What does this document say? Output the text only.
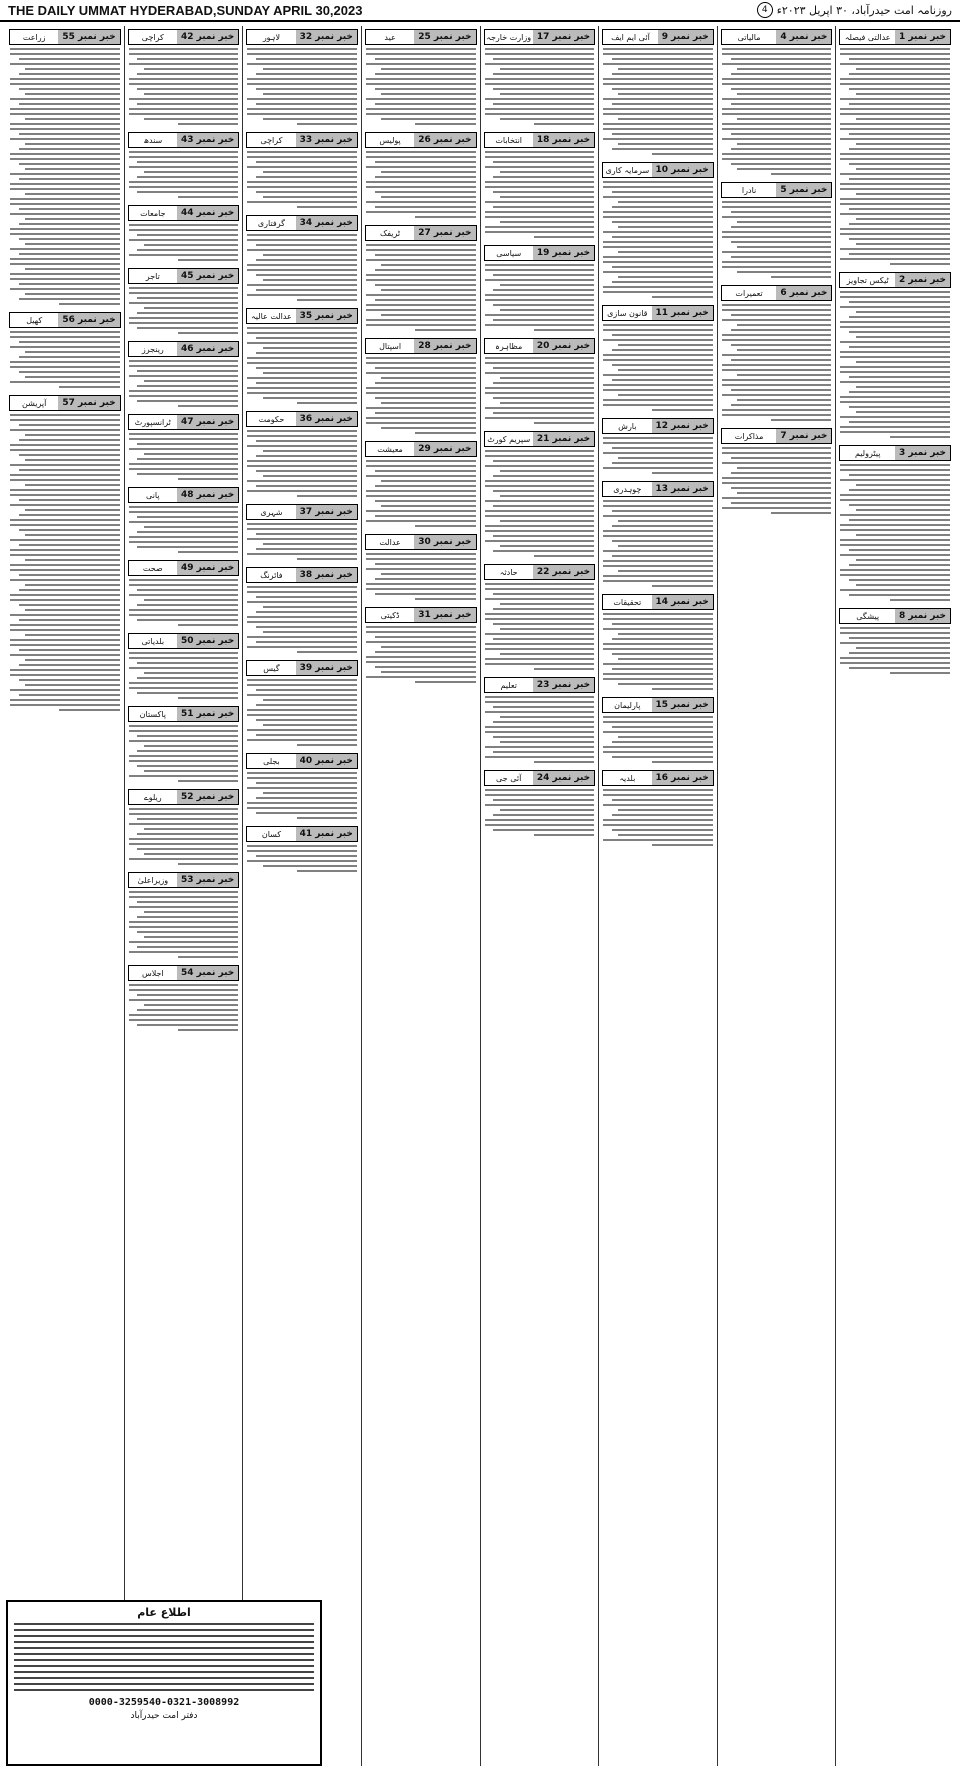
THE DAILY UMMAT HYDERABAD,SUNDAY APRIL 30,2023	روزنامہ امت حیدرآباد، ۳۰ اپریل ۲۰۲۳ء
4
خبر نمبر 1
عدالتی فیصلہ
خبر نمبر 2
ٹیکس تجاویز
خبر نمبر 3
پیٹرولیم
خبر نمبر 8
پیشگی
خبر نمبر 4
مالیاتی
خبر نمبر 5
نادرا
خبر نمبر 6
تعمیرات
خبر نمبر 7
مذاکرات
خبر نمبر 9
آئی ایم ایف
خبر نمبر 10
سرمایہ کاری
خبر نمبر 11
قانون سازی
خبر نمبر 12
بارش
خبر نمبر 13
چوہدری
خبر نمبر 14
تحقیقات
خبر نمبر 15
پارلیمان
خبر نمبر 16
بلدیہ
خبر نمبر 17
وزارت خارجہ
خبر نمبر 18
انتخابات
خبر نمبر 19
سیاسی
خبر نمبر 20
مظاہرہ
خبر نمبر 21
سپریم کورٹ
خبر نمبر 22
حادثہ
خبر نمبر 23
تعلیم
خبر نمبر 24
آئی جی
خبر نمبر 25
عید
خبر نمبر 26
پولیس
خبر نمبر 27
ٹریفک
خبر نمبر 28
اسپتال
خبر نمبر 29
معیشت
خبر نمبر 30
عدالت
خبر نمبر 31
ڈکیتی
خبر نمبر 32
لاہور
خبر نمبر 33
کراچی
خبر نمبر 34
گرفتاری
خبر نمبر 35
عدالت عالیہ
خبر نمبر 36
حکومت
خبر نمبر 37
شہری
خبر نمبر 38
فائرنگ
خبر نمبر 39
گیس
خبر نمبر 40
بجلی
خبر نمبر 41
کسان
خبر نمبر 42
کراچی
خبر نمبر 43
سندھ
خبر نمبر 44
جامعات
خبر نمبر 45
تاجر
خبر نمبر 46
رینجرز
خبر نمبر 47
ٹرانسپورٹ
خبر نمبر 48
پانی
خبر نمبر 49
صحت
خبر نمبر 50
بلدیاتی
خبر نمبر 51
پاکستان
خبر نمبر 52
ریلوے
خبر نمبر 53
وزیراعلیٰ
خبر نمبر 54
اجلاس
خبر نمبر 55
زراعت
خبر نمبر 56
کھیل
خبر نمبر 57
آپریشن
اطلاع عام
0000-3259540-0321-3008992
دفتر امت حیدرآباد
